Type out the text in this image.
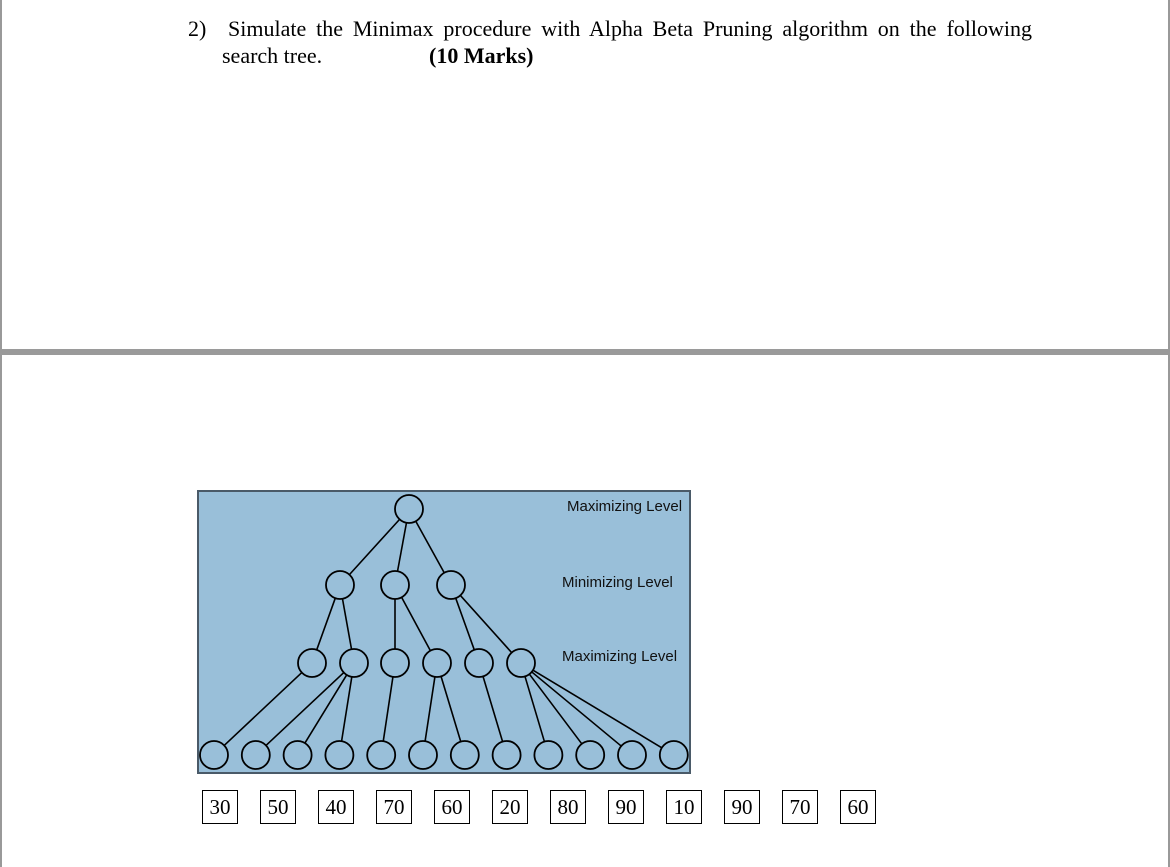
2) Simulate the Minimax procedure with Alpha Beta Pruning algorithm on the following
search tree.	(10 Marks)
Maximizing Level
Minimizing Level
Maximizing Level
30	50	40	70	60	20	80	90	10	90	70	60
